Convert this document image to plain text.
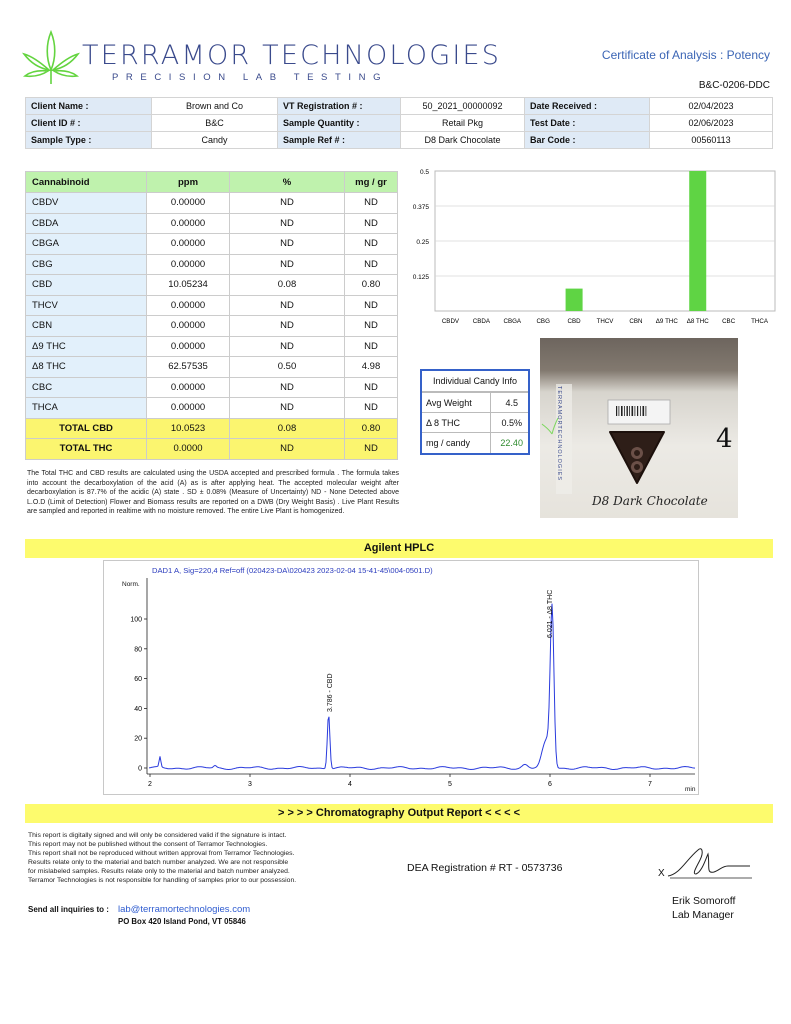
TERRAMOR TECHNOLOGIES
PRECISION LAB TESTING
Certificate of Analysis : Potency
B&C-0206-DDC
Client Name :	Brown and Co	VT Registration # :	50_2021_00000092	Date Received :	02/04/2023
Client ID # :	B&C	Sample Quantity :	Retail Pkg	Test Date :	02/06/2023
Sample Type :	Candy	Sample Ref # :	D8 Dark Chocolate	Bar Code :	00560113
Cannabinoid	ppm	%	mg / gr
CBDV	0.00000	ND	ND
CBDA	0.00000	ND	ND
CBGA	0.00000	ND	ND
CBG	0.00000	ND	ND
CBD	10.05234	0.08	0.80
THCV	0.00000	ND	ND
CBN	0.00000	ND	ND
Δ9 THC	0.00000	ND	ND
Δ8 THC	62.57535	0.50	4.98
CBC	0.00000	ND	ND
THCA	0.00000	ND	ND
TOTAL CBD	10.0523	0.08	0.80
TOTAL THC	0.0000	ND	ND
0.125
0.25
0.375
0.5
CBDV CBDA CBGA CBG	CBD	THCV	CBN Δ9 THC Δ8 THC CBC	THCA
Individual Candy Info
Avg Weight	4.5
Δ 8 THC	0.5%
mg / candy	22.40	TERRAMORTECHNOLOGIES	4
D8 Dark Chocolate
The Total THC and CBD results are calculated using the USDA accepted and prescribed formula . The formula takes into account the decarboxylation of the acid (A) as is after applying heat. The accepted molecular weight after decarboxylation is 87.7% of the acidic (A) state . SD ± 0.08% (Measure of Uncertainty) ND - None Detected above L.O.D (Limit of Detection) Flower and Biomass results are reported on a DWB (Dry Weight Basis) . Live Plant Results are sampled and reported in realtime with no moisture removed. The entire Live Plant is homogenized.
Agilent HPLC
DAD1 A, Sig=220,4 Ref=off (020423-DA\020423 2023-02-04 15-41-45\004-0501.D)
Norm.
0
20
40
60
80
100
2	3	4	5	6	7
min
3.786 - CBD
6.021 - Δ8 THC
> > > > Chromatography Output Report < < < <
This report is digitally signed and will only be considered valid if the signature is intact.
This report may not be published without the consent of Terramor Technologies.
This report shall not be reproduced without written approval from Terramor Technologies.
Results relate only to the material and batch number analyzed. We are not responsible
for mislabeled samples. Results relate only to the material and batch number analyzed.
Terramor Technologies is not responsible for handling of samples prior to our possession.
DEA Registration # RT - 0573736	X
Erik Somoroff
Lab Manager
Send all inquiries to : lab@terramortechnologies.com
PO Box 420 Island Pond, VT 05846
